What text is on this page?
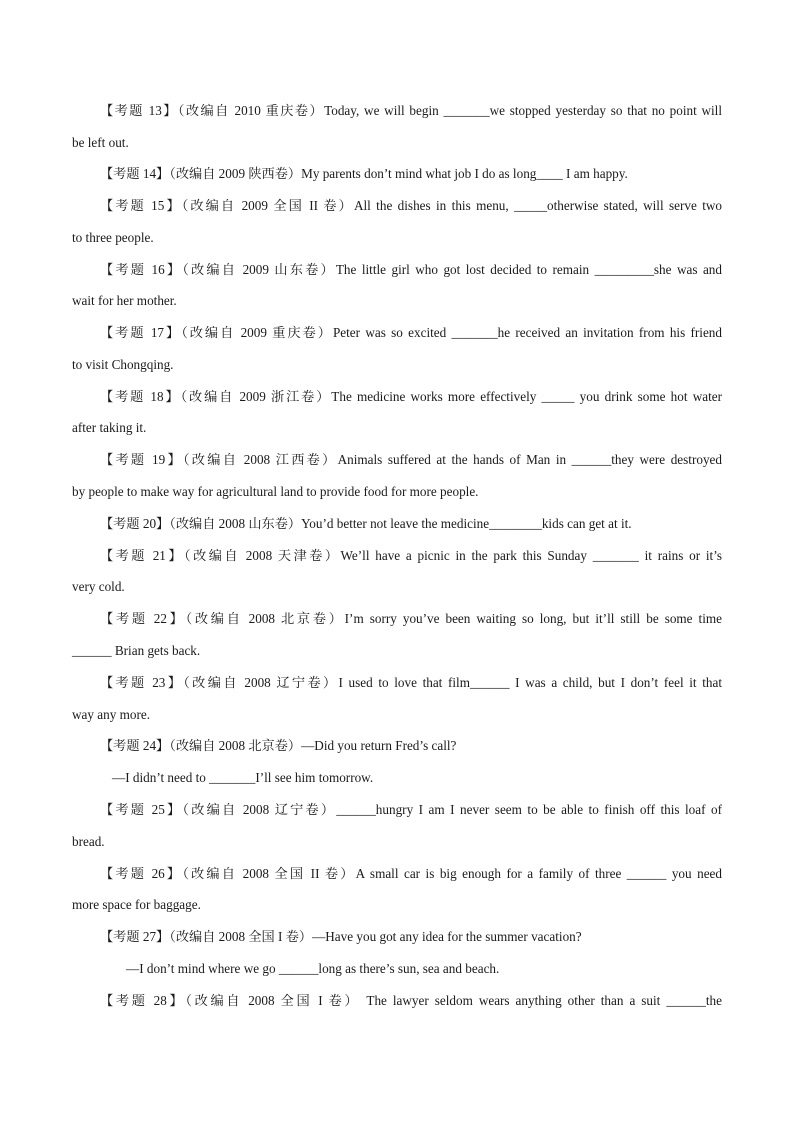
【考题 13】（改编自 2010 重庆卷）Today, we will begin _______we stopped yesterday so that no point will
be left out.
【考题 14】（改编自 2009 陕西卷）My parents don’t mind what job I do as long____ I am happy.
【考题 15】（改编自 2009 全国 II 卷）All the dishes in this menu, _____otherwise stated, will serve two
to three people.
【考题 16】（改编自 2009 山东卷）The little girl who got lost decided to remain _________she was and
wait for her mother.
【考题 17】（改编自 2009 重庆卷）Peter was so excited _______he received an invitation from his friend
to visit Chongqing.
【考题 18】（改编自 2009 浙江卷）The medicine works more effectively _____ you drink some hot water
after taking it.
【考题 19】（改编自 2008 江西卷）Animals suffered at the hands of Man in ______they were destroyed
by people to make way for agricultural land to provide food for more people.
【考题 20】（改编自 2008 山东卷）You’d better not leave the medicine________kids can get at it.
【考题 21】（改编自 2008 天津卷）We’ll have a picnic in the park this Sunday _______ it rains or it’s
very cold.
【考题 22】（改编自 2008 北京卷）I’m sorry you’ve been waiting so long, but it’ll still be some time
______ Brian gets back.
【考题 23】（改编自 2008 辽宁卷）I used to love that film______ I was a child, but I don’t feel it that
way any more.
【考题 24】（改编自 2008 北京卷）—Did you return Fred’s call?
—I didn’t need to _______I’ll see him tomorrow.
【考题 25】（改编自 2008 辽宁卷）______hungry I am I never seem to be able to finish off this loaf of
bread.
【考题 26】（改编自 2008 全国 II 卷）A small car is big enough for a family of three ______ you need
more space for baggage.
【考题 27】（改编自 2008 全国 I 卷）—Have you got any idea for the summer vacation?
—I don’t mind where we go ______long as there’s sun, sea and beach.
【考题 28】（改编自 2008 全国 I 卷） The lawyer seldom wears anything other than a suit ______the
